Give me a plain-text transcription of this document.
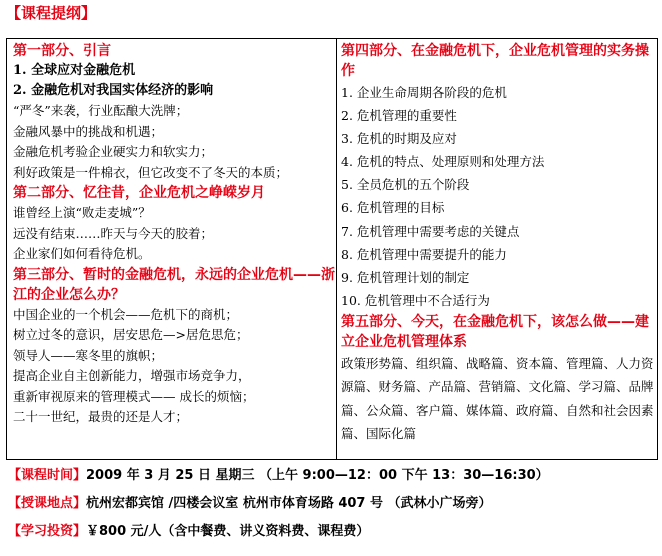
【课程提纲】
第一部分、引言
1. 全球应对金融危机
2. 金融危机对我国实体经济的影响
“严冬”来袭，行业酝酿大洗牌；
金融风暴中的挑战和机遇；
金融危机考验企业硬实力和软实力；
利好政策是一件棉衣，但它改变不了冬天的本质；
第二部分、忆往昔，企业危机之峥嵘岁月
谁曾经上演“败走麦城”？
远没有结束……昨天与今天的胶着；
企业家们如何看待危机。
第三部分、暂时的金融危机，永远的企业危机——浙江的企业怎么办？
中国企业的一个机会——危机下的商机；
树立过冬的意识，居安思危—>居危思危；
领导人——寒冬里的旗帜；
提高企业自主创新能力，增强市场竞争力，
重新审视原来的管理模式—— 成长的烦恼；
二十一世纪，最贵的还是人才；
第四部分、在金融危机下，企业危机管理的实务操作
1. 企业生命周期各阶段的危机
2. 危机管理的重要性
3. 危机的时期及应对
4. 危机的特点、处理原则和处理方法
5. 全员危机的五个阶段
6. 危机管理的目标
7. 危机管理中需要考虑的关键点
8. 危机管理中需要提升的能力
9. 危机管理计划的制定
10. 危机管理中不合适行为
第五部分、今天，在金融危机下，该怎么做——建立企业危机管理体系
政策形势篇、组织篇、战略篇、资本篇、管理篇、人力资源篇、财务篇、产品篇、营销篇、文化篇、学习篇、品牌篇、公众篇、客户篇、媒体篇、政府篇、自然和社会因素篇、国际化篇
【课程时间】2009 年 3 月 25 日 星期三 （上午 9:00—12：00 下午 13：30—16:30）
【授课地点】杭州宏都宾馆 /四楼会议室 杭州市体育场路 407 号 （武林小广场旁）
【学习投资】￥800 元/人（含中餐费、讲义资料费、课程费）
